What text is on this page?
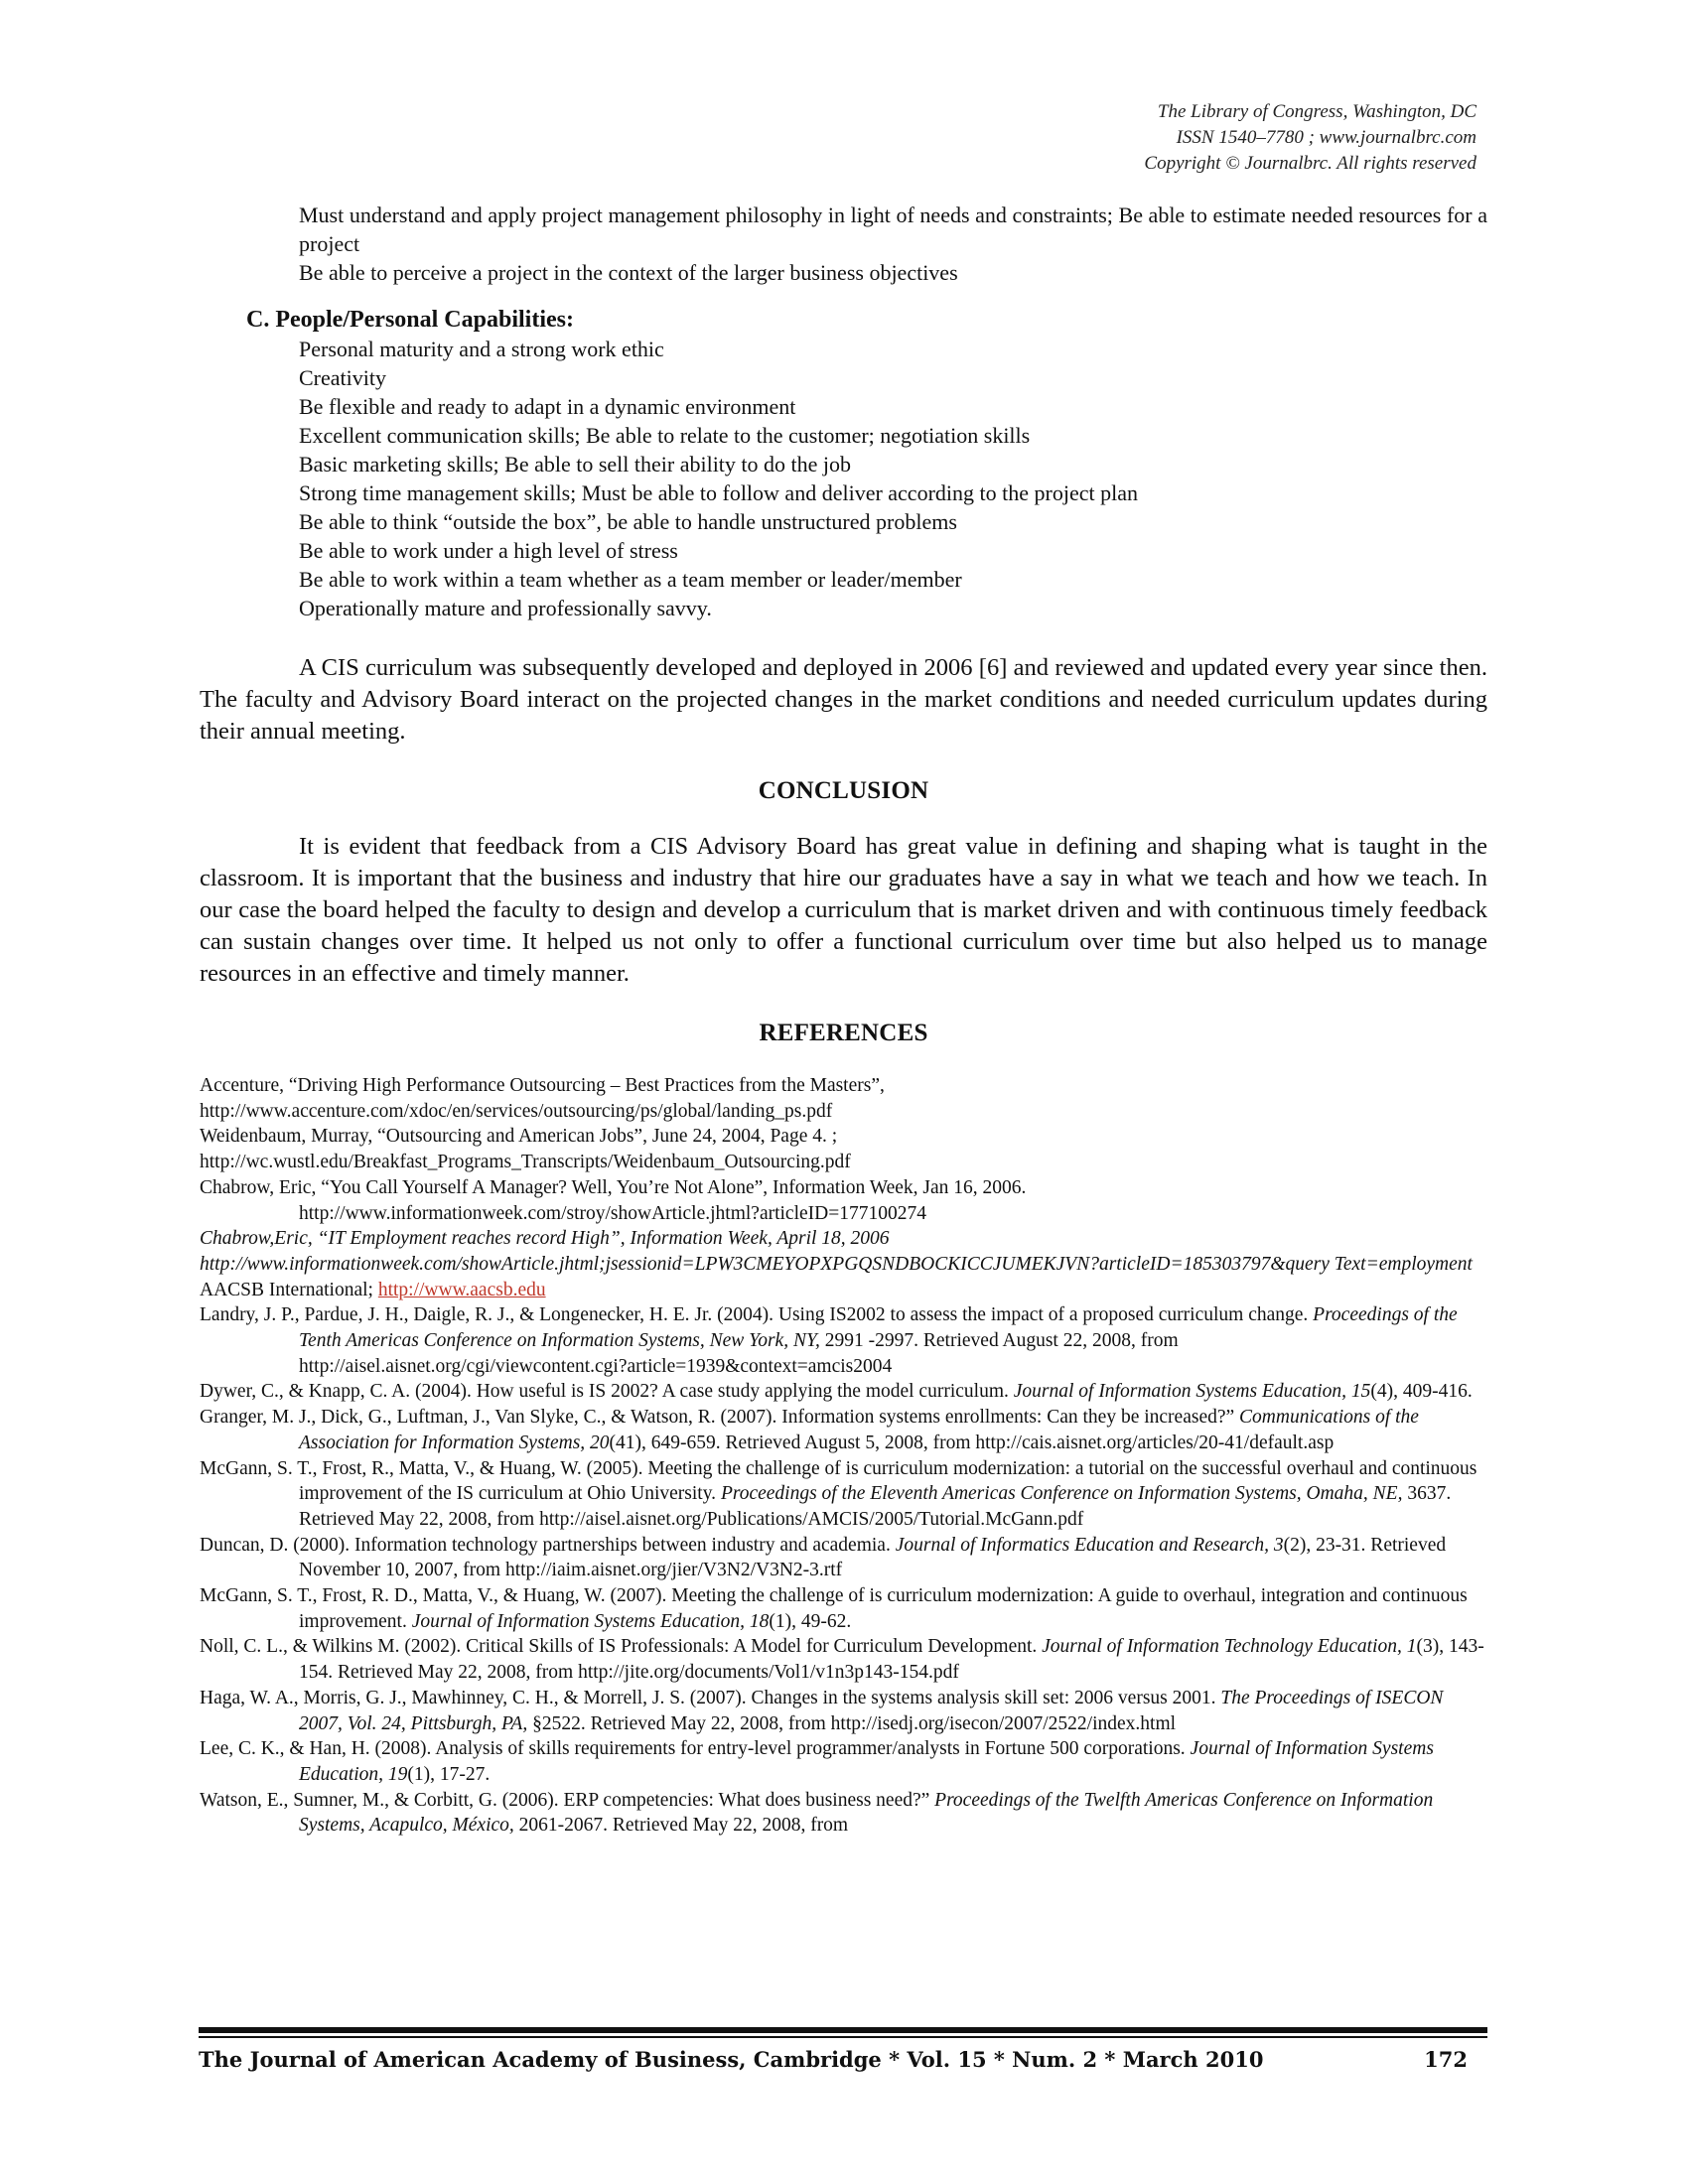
The Library of Congress, Washington, DC
ISSN 1540–7780 ; www.journalbrc.com
Copyright © Journalbrc. All rights reserved
Must understand and apply project management philosophy in light of needs and constraints; Be able to estimate needed resources for a project
Be able to perceive a project in the context of the larger business objectives
C. People/Personal Capabilities:
Personal maturity and a strong work ethic
Creativity
Be flexible and ready to adapt in a dynamic environment
Excellent communication skills; Be able to relate to the customer; negotiation skills
Basic marketing skills; Be able to sell their ability to do the job
Strong time management skills; Must be able to follow and deliver according to the project plan
Be able to think “outside the box”, be able to handle unstructured problems
Be able to work under a high level of stress
Be able to work within a team whether as a team member or leader/member
Operationally mature and professionally savvy.

A CIS curriculum was subsequently developed and deployed in 2006 [6] and reviewed and updated every year since then. The faculty and Advisory Board interact on the projected changes in the market conditions and needed curriculum updates during their annual meeting.

CONCLUSION

It is evident that feedback from a CIS Advisory Board has great value in defining and shaping what is taught in the classroom. It is important that the business and industry that hire our graduates have a say in what we teach and how we teach. In our case the board helped the faculty to design and develop a curriculum that is market driven and with continuous timely feedback can sustain changes over time. It helped us not only to offer a functional curriculum over time but also helped us to manage resources in an effective and timely manner.

REFERENCES
Accenture, “Driving High Performance Outsourcing – Best Practices from the Masters”,
http://www.accenture.com/xdoc/en/services/outsourcing/ps/global/landing_ps.pdf
Weidenbaum, Murray, “Outsourcing and American Jobs”, June 24, 2004, Page 4. ;
http://wc.wustl.edu/Breakfast_Programs_Transcripts/Weidenbaum_Outsourcing.pdf
Chabrow, Eric, “You Call Yourself A Manager? Well, You’re Not Alone”, Information Week, Jan 16, 2006.
http://www.informationweek.com/stroy/showArticle.jhtml?articleID=177100274
Chabrow,Eric, “IT Employment reaches record High”, Information Week, April 18, 2006
http://www.informationweek.com/showArticle.jhtml;jsessionid=LPW3CMEYOPXPGQSNDBOCKICCJUMEKJVN?articleID=185303797&query Text=employment
AACSB International; http://www.aacsb.edu
Landry, J. P., Pardue, J. H., Daigle, R. J., & Longenecker, H. E. Jr. (2004). Using IS2002 to assess the impact of a proposed curriculum change. Proceedings of the Tenth Americas Conference on Information Systems, New York, NY, 2991 -2997. Retrieved August 22, 2008, from http://aisel.aisnet.org/cgi/viewcontent.cgi?article=1939&context=amcis2004
Dywer, C., & Knapp, C. A. (2004). How useful is IS 2002? A case study applying the model curriculum. Journal of Information Systems Education, 15(4), 409-416.
Granger, M. J., Dick, G., Luftman, J., Van Slyke, C., & Watson, R. (2007). Information systems enrollments: Can they be increased?” Communications of the Association for Information Systems, 20(41), 649-659. Retrieved August 5, 2008, from http://cais.aisnet.org/articles/20-41/default.asp
McGann, S. T., Frost, R., Matta, V., & Huang, W. (2005). Meeting the challenge of is curriculum modernization: a tutorial on the successful overhaul and continuous improvement of the IS curriculum at Ohio University. Proceedings of the Eleventh Americas Conference on Information Systems, Omaha, NE, 3637. Retrieved May 22, 2008, from http://aisel.aisnet.org/Publications/AMCIS/2005/Tutorial.McGann.pdf
Duncan, D. (2000). Information technology partnerships between industry and academia. Journal of Informatics Education and Research, 3(2), 23-31. Retrieved November 10, 2007, from http://iaim.aisnet.org/jier/V3N2/V3N2-3.rtf
McGann, S. T., Frost, R. D., Matta, V., & Huang, W. (2007). Meeting the challenge of is curriculum modernization: A guide to overhaul, integration and continuous improvement. Journal of Information Systems Education, 18(1), 49-62.
Noll, C. L., & Wilkins M. (2002). Critical Skills of IS Professionals: A Model for Curriculum Development. Journal of Information Technology Education, 1(3), 143-154. Retrieved May 22, 2008, from http://jite.org/documents/Vol1/v1n3p143-154.pdf
Haga, W. A., Morris, G. J., Mawhinney, C. H., & Morrell, J. S. (2007). Changes in the systems analysis skill set: 2006 versus 2001. The Proceedings of ISECON 2007, Vol. 24, Pittsburgh, PA, §2522. Retrieved May 22, 2008, from http://isedj.org/isecon/2007/2522/index.html
Lee, C. K., & Han, H. (2008). Analysis of skills requirements for entry-level programmer/analysts in Fortune 500 corporations. Journal of Information Systems Education, 19(1), 17-27.
Watson, E., Sumner, M., & Corbitt, G. (2006). ERP competencies: What does business need?” Proceedings of the Twelfth Americas Conference on Information Systems, Acapulco, México, 2061-2067. Retrieved May 22, 2008, from
The Journal of American Academy of Business, Cambridge * Vol. 15 * Num. 2 * March 2010	172
